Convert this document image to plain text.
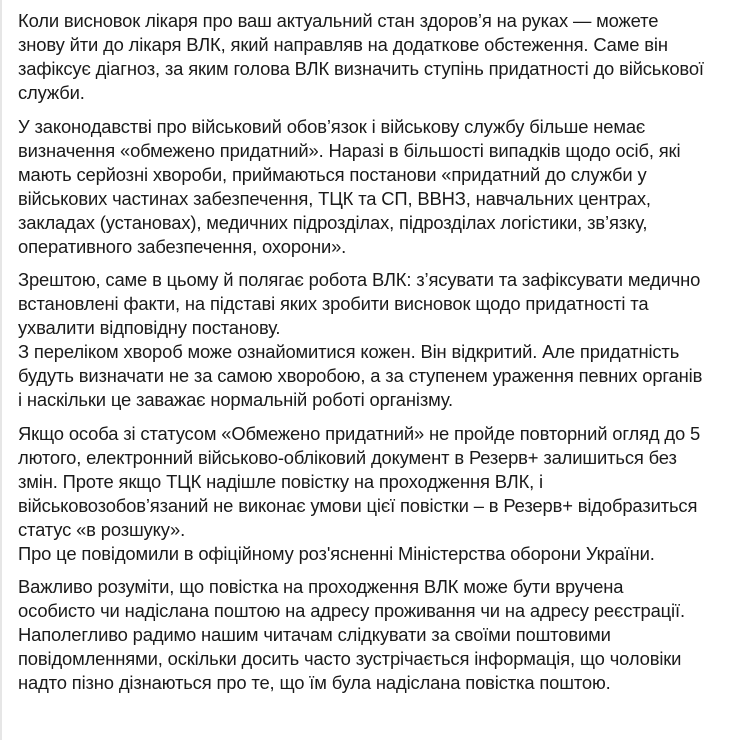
Коли висновок лікаря про ваш актуальний стан здоров’я на руках — можете
знову йти до лікаря ВЛК, який направляв на додаткове обстеження. Саме він
зафіксує діагноз, за яким голова ВЛК визначить ступінь придатності до військової
служби.

У законодавстві про військовий обов’язок і військову службу більше немає
визначення «обмежено придатний». Наразі в більшості випадків щодо осіб, які
мають серйозні хвороби, приймаються постанови «придатний до служби у
військових частинах забезпечення, ТЦК та СП, ВВНЗ, навчальних центрах,
закладах (установах), медичних підрозділах, підрозділах логістики, зв’язку,
оперативного забезпечення, охорони».

Зрештою, саме в цьому й полягає робота ВЛК: з’ясувати та зафіксувати медично
встановлені факти, на підставі яких зробити висновок щодо придатності та
ухвалити відповідну постанову.
З переліком хвороб може ознайомитися кожен. Він відкритий. Але придатність
будуть визначати не за самою хворобою, а за ступенем ураження певних органів
і наскільки це заважає нормальній роботі організму.

Якщо особа зі статусом «Обмежено придатний» не пройде повторний огляд до 5
лютого, електронний військово-обліковий документ в Резерв+ залишиться без
змін. Проте якщо ТЦК надішле повістку на проходження ВЛК, і
військовозобов’язаний не виконає умови цієї повістки – в Резерв+ відобразиться
статус «в розшуку».
Про це повідомили в офіційному роз'ясненні Міністерства оборони України.

Важливо розуміти, що повістка на проходження ВЛК може бути вручена
особисто чи надіслана поштою на адресу проживання чи на адресу реєстрації.
Наполегливо радимо нашим читачам слідкувати за своїми поштовими
повідомленнями, оскільки досить часто зустрічається інформація, що чоловіки
надто пізно дізнаються про те, що їм була надіслана повістка поштою.
